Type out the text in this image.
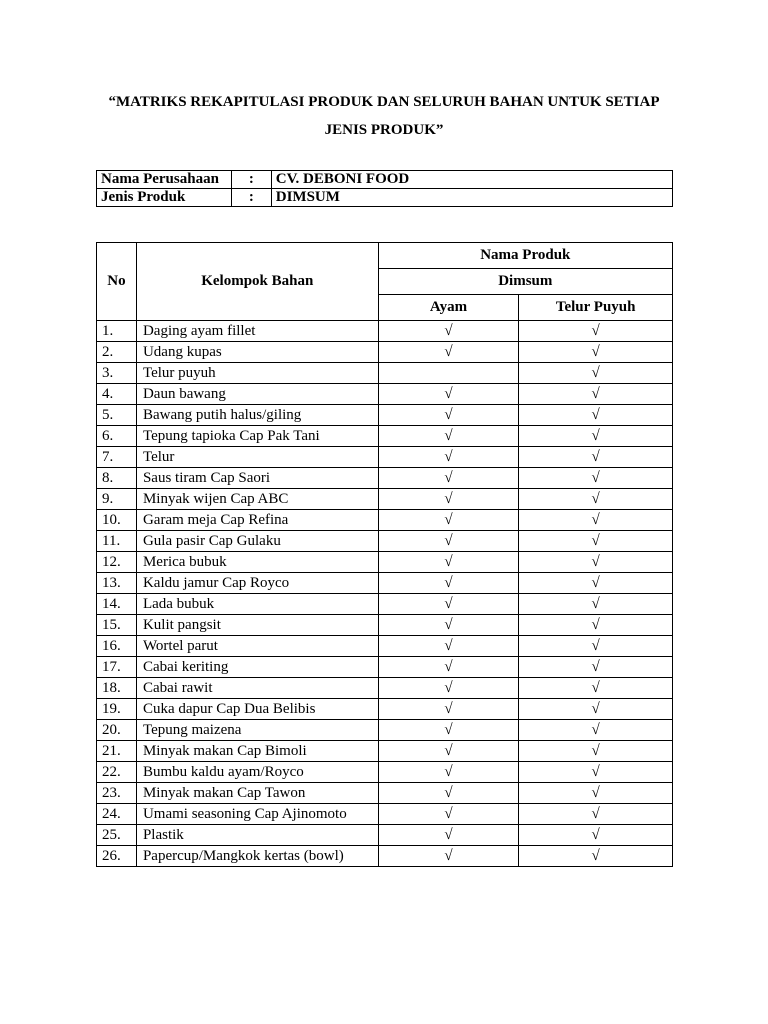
“MATRIKS REKAPITULASI PRODUK DAN SELURUH BAHAN UNTUK SETIAP
JENIS PRODUK”
Nama Perusahaan	:	CV. DEBONI FOOD
Jenis Produk	:	DIMSUM
No	Kelompok Bahan	Nama Produk	
		Dimsum	
		Ayam	Telur Puyuh
1.	Daging ayam fillet	√	√
2.	Udang kupas	√	√
3.	Telur puyuh		√
4.	Daun bawang	√	√
5.	Bawang putih halus/giling	√	√
6.	Tepung tapioka Cap Pak Tani	√	√
7.	Telur	√	√
8.	Saus tiram Cap Saori	√	√
9.	Minyak wijen Cap ABC	√	√
10.	Garam meja Cap Refina	√	√
11.	Gula pasir Cap Gulaku	√	√
12.	Merica bubuk	√	√
13.	Kaldu jamur Cap Royco	√	√
14.	Lada bubuk	√	√
15.	Kulit pangsit	√	√
16.	Wortel parut	√	√
17.	Cabai keriting	√	√
18.	Cabai rawit	√	√
19.	Cuka dapur Cap Dua Belibis	√	√
20.	Tepung maizena	√	√
21.	Minyak makan Cap Bimoli	√	√
22.	Bumbu kaldu ayam/Royco	√	√
23.	Minyak makan Cap Tawon	√	√
24.	Umami seasoning Cap Ajinomoto	√	√
25.	Plastik	√	√
26.	Papercup/Mangkok kertas (bowl)	√	√
